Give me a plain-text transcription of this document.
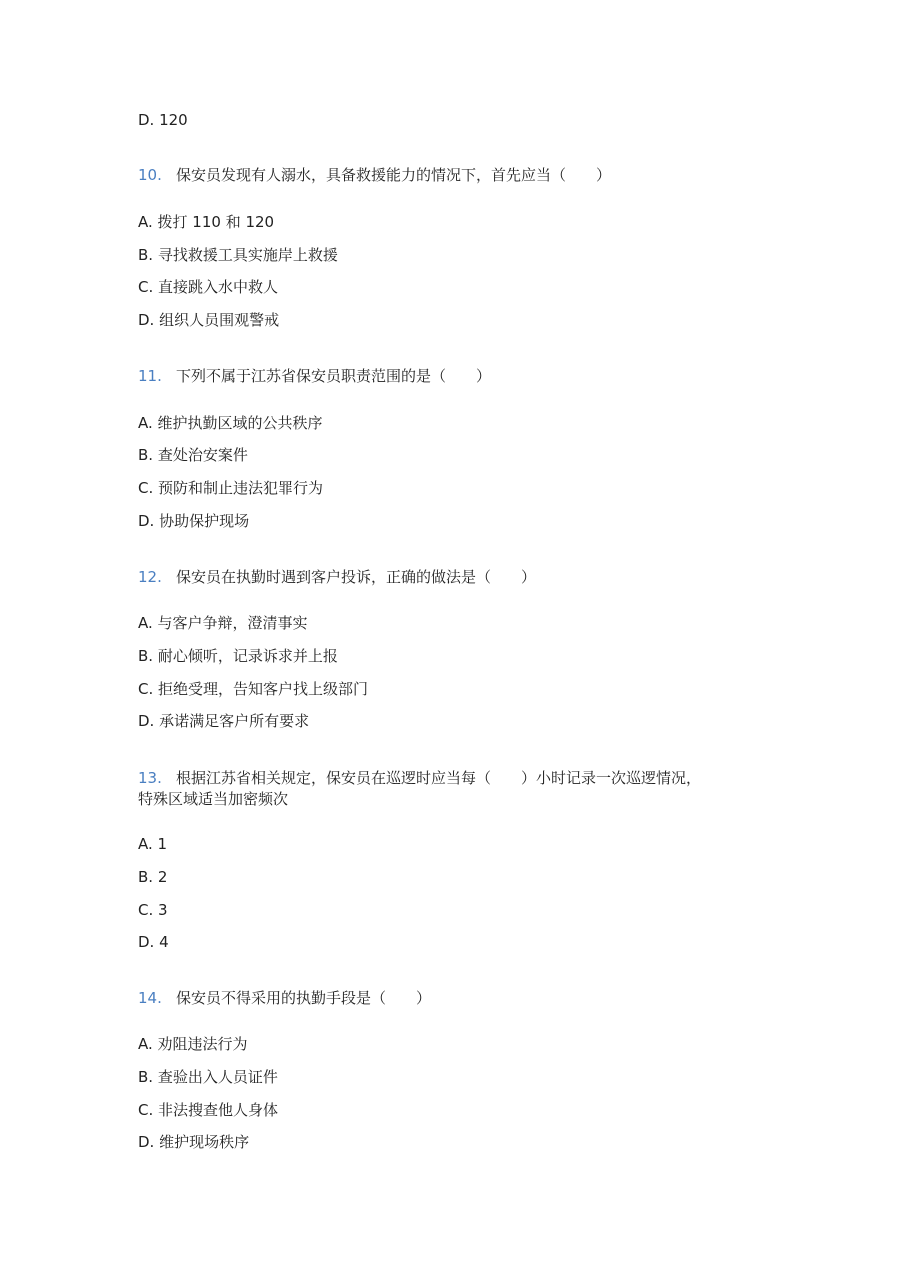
D. 120
10. 保安员发现有人溺水，具备救援能力的情况下，首先应当（　　）
A. 拨打 110 和 120
B. 寻找救援工具实施岸上救援
C. 直接跳入水中救人
D. 组织人员围观警戒
11. 下列不属于江苏省保安员职责范围的是（　　）
A. 维护执勤区域的公共秩序
B. 查处治安案件
C. 预防和制止违法犯罪行为
D. 协助保护现场
12. 保安员在执勤时遇到客户投诉，正确的做法是（　　）
A. 与客户争辩，澄清事实
B. 耐心倾听，记录诉求并上报
C. 拒绝受理，告知客户找上级部门
D. 承诺满足客户所有要求
13. 根据江苏省相关规定，保安员在巡逻时应当每（　　）小时记录一次巡逻情况，
特殊区域适当加密频次
A. 1
B. 2
C. 3
D. 4
14. 保安员不得采用的执勤手段是（　　）
A. 劝阻违法行为
B. 查验出入人员证件
C. 非法搜查他人身体
D. 维护现场秩序
